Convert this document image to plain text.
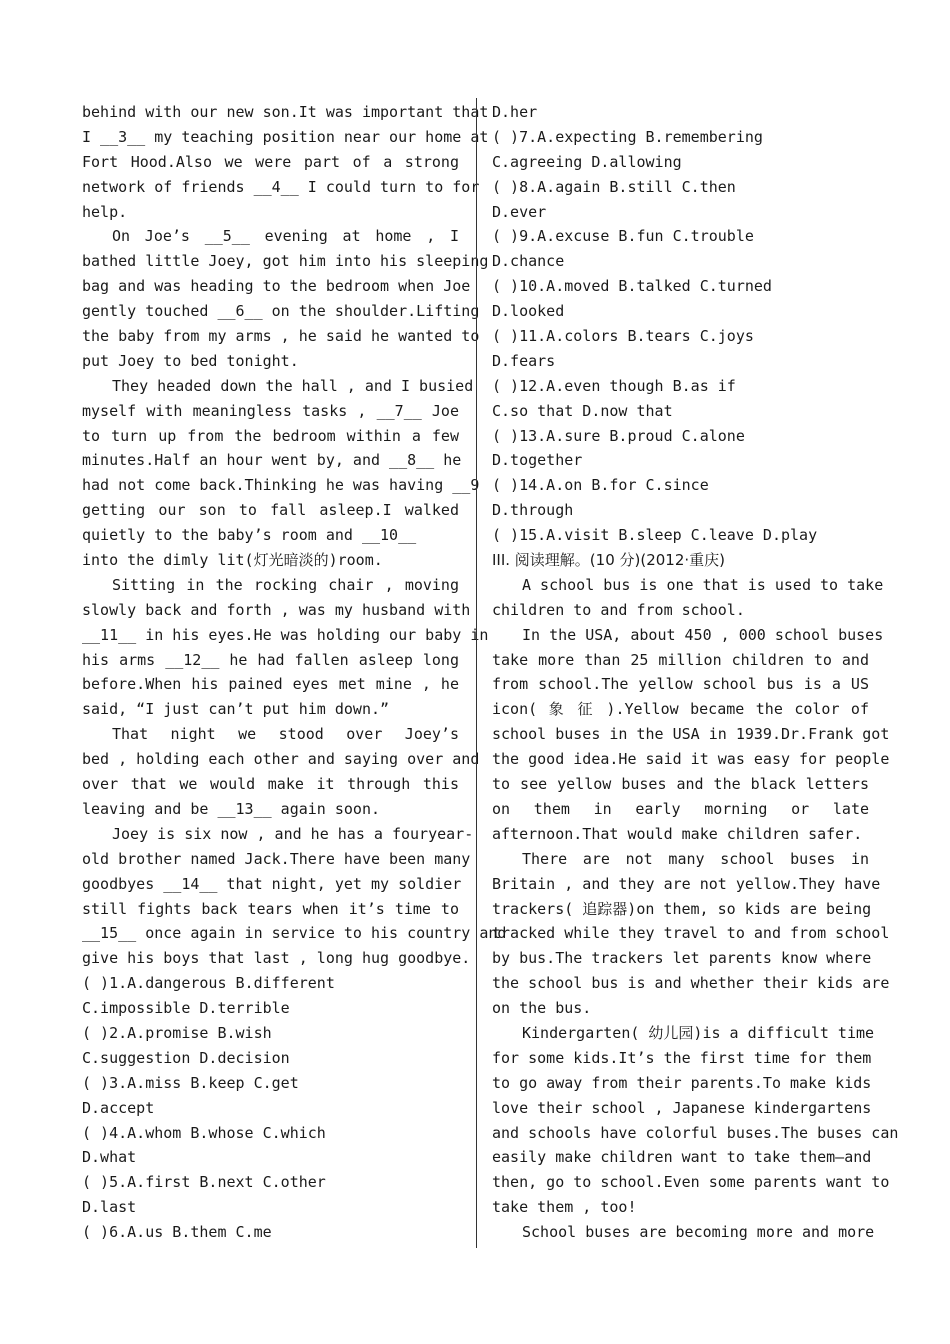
behind with our new son.It was important that
I __3__ my teaching position near our home at
Fort Hood.Also we were part of a strong
network of friends __4__ I could turn to for
help.
On Joe’s __5__ evening at home , I
bathed little Joey, got him into his sleeping
bag and was heading to the bedroom when Joe
gently touched __6__ on the shoulder.Lifting
the baby from my arms , he said he wanted to
put Joey to bed tonight.
They headed down the hall , and I busied
myself with meaningless tasks , __7__ Joe
to turn up from the bedroom within a few
minutes.Half an hour went by, and __8__ he
had not come back.Thinking he was having __9
getting our son to fall asleep.I walked
quietly to the baby’s room and __10__
into the dimly lit(灯光暗淡的)room.
Sitting in the rocking chair , moving
slowly back and forth , was my husband with
__11__ in his eyes.He was holding our baby in
his arms __12__ he had fallen asleep long
before.When his pained eyes met mine , he
said, “I just can’t put him down.”
That night we stood over Joey’s
bed , holding each other and saying over and
over that we would make it through this
leaving and be __13__ again soon.
Joey is six now , and he has a fouryear-
old brother named Jack.There have been many
goodbyes __14__ that night, yet my soldier
still fights back tears when it’s time to
__15__ once again in service to his country and
give his boys that last , long hug goodbye.
( )1.A.dangerous B.different
C.impossible D.terrible
( )2.A.promise B.wish
C.suggestion D.decision
( )3.A.miss B.keep C.get
D.accept
( )4.A.whom B.whose C.which
D.what
( )5.A.first B.next C.other
D.last
( )6.A.us B.them C.me
D.her
( )7.A.expecting B.remembering
C.agreeing D.allowing
( )8.A.again B.still C.then
D.ever
( )9.A.excuse B.fun C.trouble
D.chance
( )10.A.moved B.talked C.turned
D.looked
( )11.A.colors B.tears C.joys
D.fears
( )12.A.even though B.as if
C.so that D.now that
( )13.A.sure B.proud C.alone
D.together
( )14.A.on B.for C.since
D.through
( )15.A.visit B.sleep C.leave D.play
III. 阅读理解。(10 分)(2012·重庆)
A school bus is one that is used to take
children to and from school.
In the USA, about 450 , 000 school buses
take more than 25 million children to and
from school.The yellow school bus is a US
icon( 象 征 ).Yellow became the color of
school buses in the USA in 1939.Dr.Frank got
the good idea.He said it was easy for people
to see yellow buses and the black letters
on them in early morning or late
afternoon.That would make children safer.
There are not many school buses in
Britain , and they are not yellow.They have
trackers( 追踪器)on them, so kids are being
tracked while they travel to and from school
by bus.The trackers let parents know where
the school bus is and whether their kids are
on the bus.
Kindergarten( 幼儿园)is a difficult time
for some kids.It’s the first time for them
to go away from their parents.To make kids
love their school , Japanese kindergartens
and schools have colorful buses.The buses can
easily make children want to take them—and
then, go to school.Even some parents want to
take them , too!
School buses are becoming more and more
